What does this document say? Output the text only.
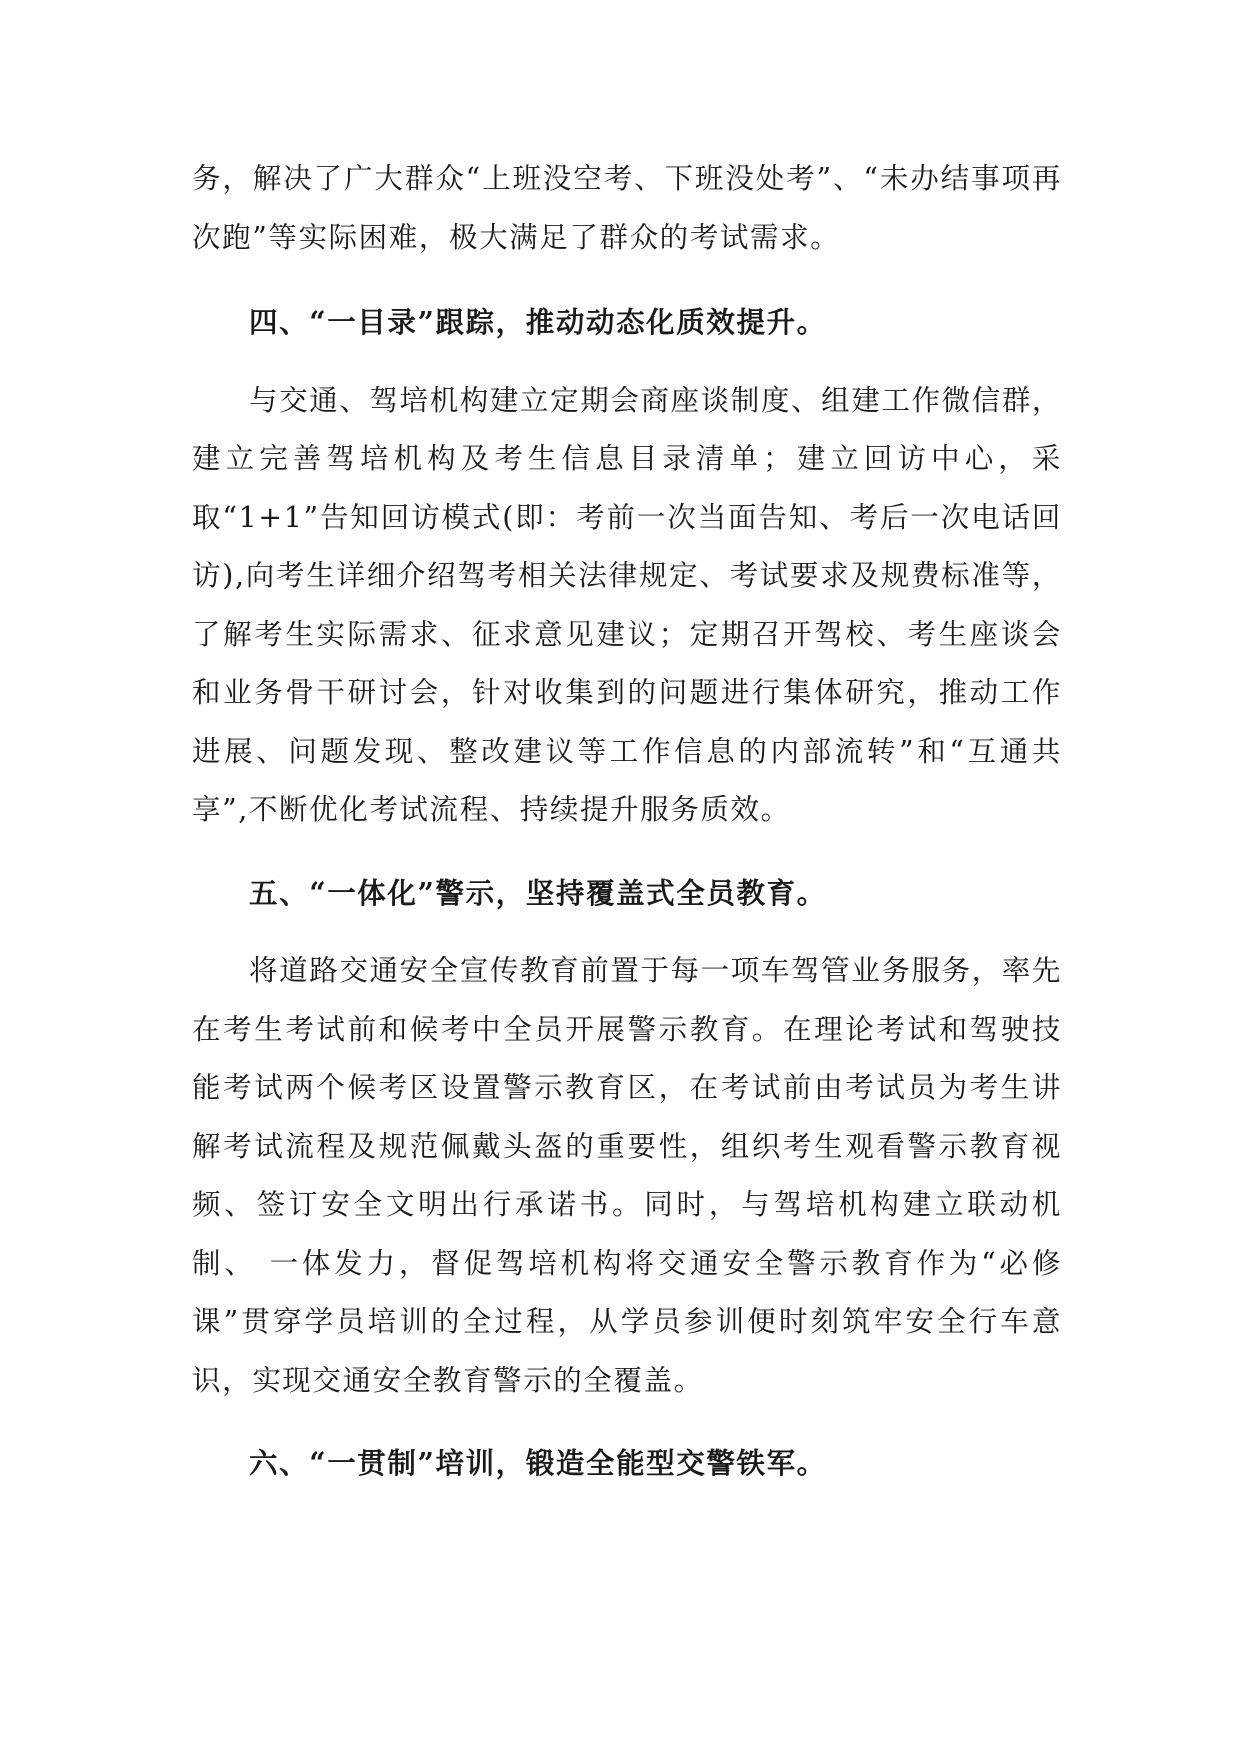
务，解决了广大群众“上班没空考、下班没处考”、“未办结事项再次跑”等实际困难，极大满足了群众的考试需求。

四、“一目录”跟踪，推动动态化质效提升。

与交通、驾培机构建立定期会商座谈制度、组建工作微信群，建立完善驾培机构及考生信息目录清单；建立回访中心，采取“1+1”告知回访模式(即：考前一次当面告知、考后一次电话回访),向考生详细介绍驾考相关法律规定、考试要求及规费标准等，了解考生实际需求、征求意见建议；定期召开驾校、考生座谈会和业务骨干研讨会，针对收集到的问题进行集体研究，推动工作进展、问题发现、整改建议等工作信息的内部流转”和“互通共享”,不断优化考试流程、持续提升服务质效。

五、“一体化”警示，坚持覆盖式全员教育。

将道路交通安全宣传教育前置于每一项车驾管业务服务，率先在考生考试前和候考中全员开展警示教育。在理论考试和驾驶技能考试两个候考区设置警示教育区，在考试前由考试员为考生讲解考试流程及规范佩戴头盔的重要性，组织考生观看警示教育视频、签订安全文明出行承诺书。同时，与驾培机构建立联动机制、 一体发力，督促驾培机构将交通安全警示教育作为“必修课”贯穿学员培训的全过程，从学员参训便时刻筑牢安全行车意识，实现交通安全教育警示的全覆盖。

六、“一贯制”培训，锻造全能型交警铁军。
